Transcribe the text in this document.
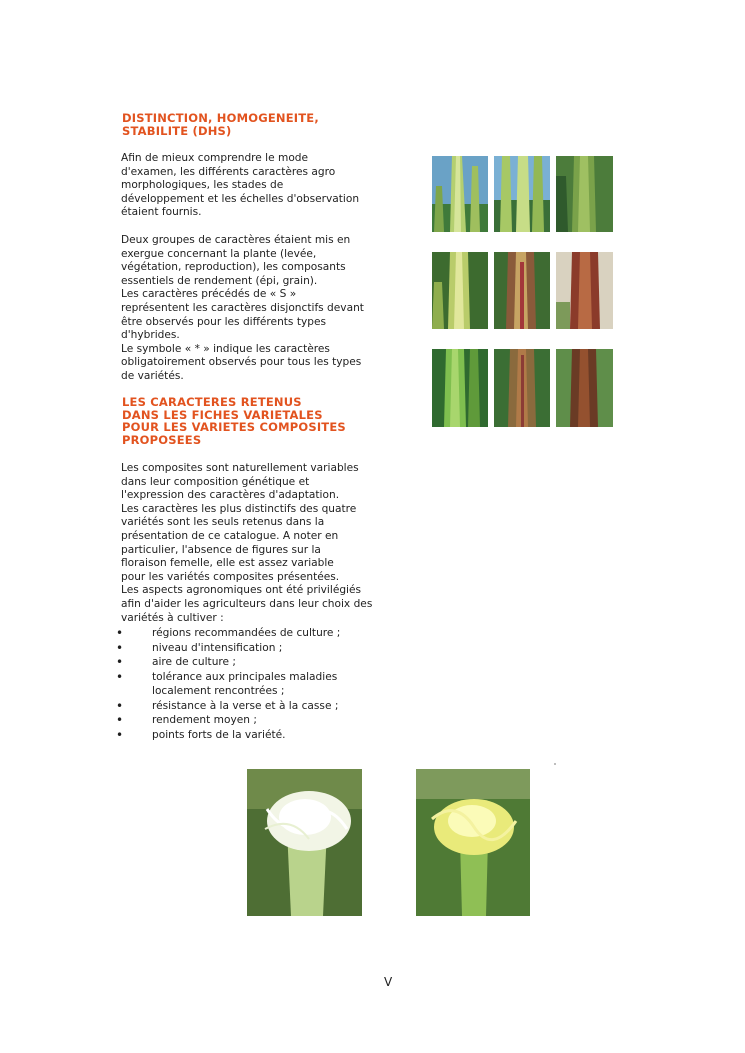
DISTINCTION, HOMOGENEITE,
STABILITE (DHS)
Afin de mieux comprendre le mode
d'examen, les différents caractères agro
morphologiques, les stades de
développement et les échelles d'observation
étaient fournis.
Deux groupes de caractères étaient mis en
exergue concernant la plante (levée,
végétation, reproduction), les composants
essentiels de rendement (épi, grain).
Les caractères précédés de « S »
représentent les caractères disjonctifs devant
être observés pour les différents types
d'hybrides.
Le symbole « * » indique les caractères
obligatoirement observés pour tous les types
de variétés.
LES CARACTERES RETENUS
DANS LES FICHES VARIETALES
POUR LES VARIETES COMPOSITES
PROPOSEES
Les composites sont naturellement variables
dans leur composition génétique et
l'expression des caractères d'adaptation.
Les caractères les plus distinctifs des quatre
variétés sont les seuls retenus dans la
présentation de ce catalogue. A noter en
particulier, l'absence de figures sur la
floraison femelle, elle est assez variable
pour les variétés composites présentées.
Les aspects agronomiques ont été privilégiés
afin d'aider les agriculteurs dans leur choix des
variétés à cultiver :
•	régions recommandées de culture ;
•	niveau d'intensification ;
•	aire de culture ;
•	tolérance aux principales maladies
localement rencontrées ;
•	résistance à la verse et à la casse ;
•	rendement moyen ;
•	points forts de la variété.
V
